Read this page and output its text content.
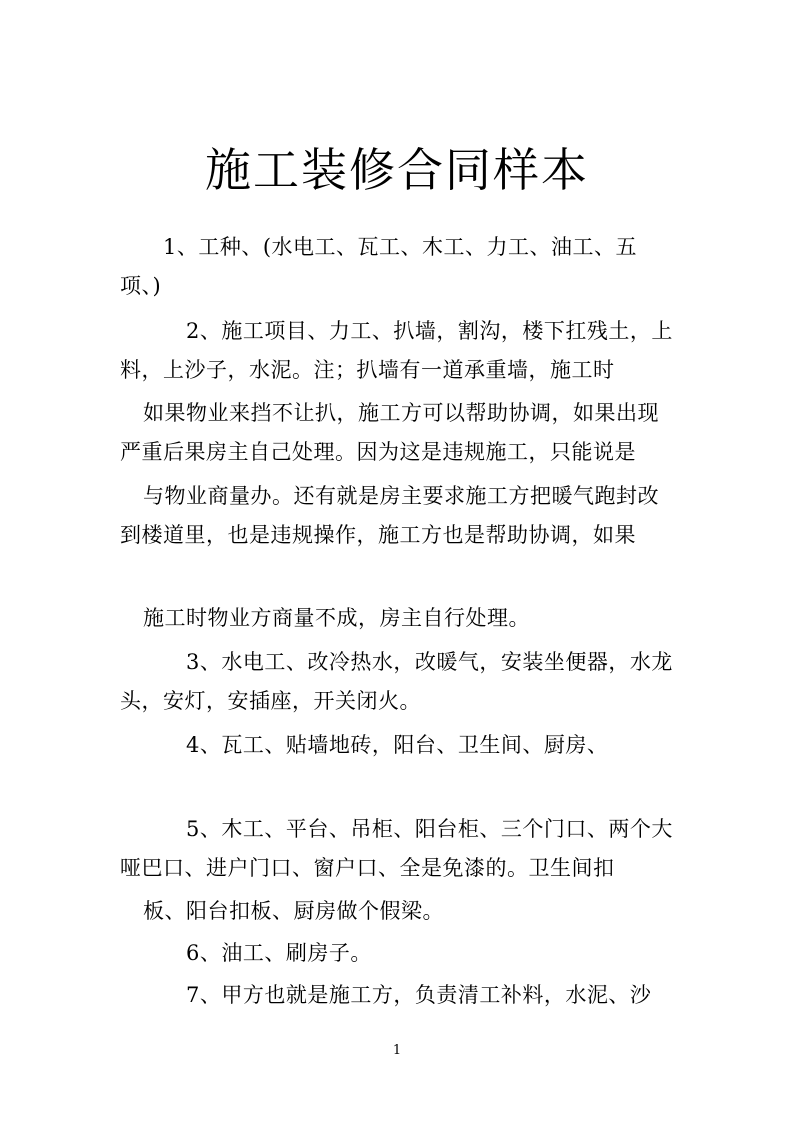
施工装修合同样本
1、工种、(水电工、瓦工、木工、力工、油工、五
项、)
2、施工项目、力工、扒墙，割沟，楼下扛残土，上
料，上沙子，水泥。注；扒墙有一道承重墙，施工时
如果物业来挡不让扒，施工方可以帮助协调，如果出现
严重后果房主自己处理。因为这是违规施工，只能说是
与物业商量办。还有就是房主要求施工方把暖气跑封改
到楼道里，也是违规操作，施工方也是帮助协调，如果
施工时物业方商量不成，房主自行处理。
3、水电工、改冷热水，改暖气，安装坐便器，水龙
头，安灯，安插座，开关闭火。
4、瓦工、贴墙地砖，阳台、卫生间、厨房、
5、木工、平台、吊柜、阳台柜、三个门口、两个大
哑巴口、进户门口、窗户口、全是免漆的。卫生间扣
板、阳台扣板、厨房做个假梁。
6、油工、刷房子。
7、甲方也就是施工方，负责清工补料，水泥、沙
1
